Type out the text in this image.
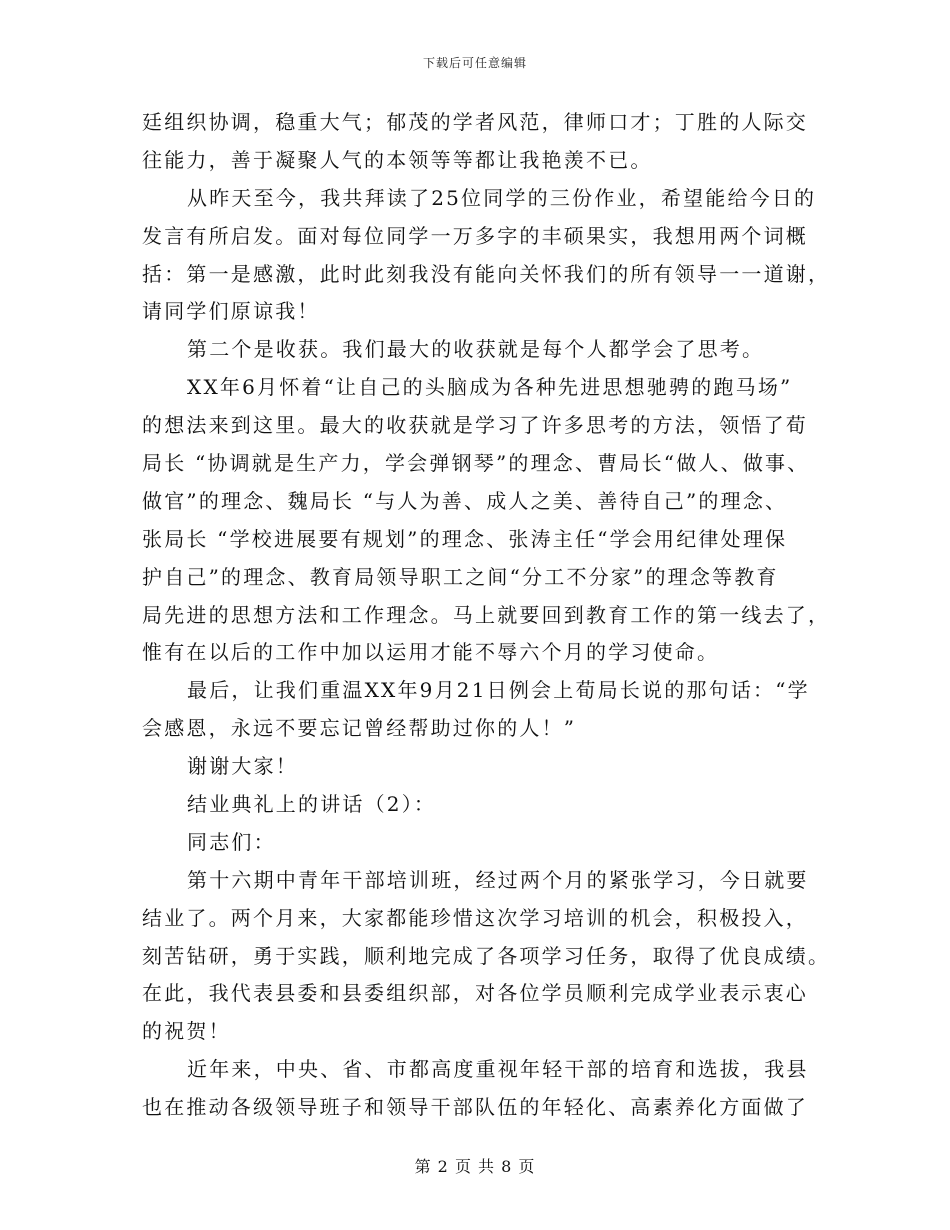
下载后可任意编辑
廷组织协调，稳重大气；郁茂的学者风范，律师口才；丁胜的人际交
往能力，善于凝聚人气的本领等等都让我艳羡不已。
从昨天至今，我共拜读了25位同学的三份作业，希望能给今日的
发言有所启发。面对每位同学一万多字的丰硕果实，我想用两个词概
括：第一是感激，此时此刻我没有能向关怀我们的所有领导一一道谢，
请同学们原谅我！
第二个是收获。我们最大的收获就是每个人都学会了思考。
XX年6月怀着“让自己的头脑成为各种先进思想驰骋的跑马场”
的想法来到这里。最大的收获就是学习了许多思考的方法，领悟了荀
局长 “协调就是生产力，学会弹钢琴”的理念、曹局长“做人、做事、
做官”的理念、魏局长 “与人为善、成人之美、善待自己”的理念、
张局长 “学校进展要有规划”的理念、张涛主任“学会用纪律处理保
护自己”的理念、教育局领导职工之间“分工不分家”的理念等教育
局先进的思想方法和工作理念。马上就要回到教育工作的第一线去了，
惟有在以后的工作中加以运用才能不辱六个月的学习使命。
最后，让我们重温XX年9月21日例会上荀局长说的那句话：“学
会感恩，永远不要忘记曾经帮助过你的人！”
谢谢大家！
结业典礼上的讲话（2）：
同志们：
第十六期中青年干部培训班，经过两个月的紧张学习，今日就要
结业了。两个月来，大家都能珍惜这次学习培训的机会，积极投入，
刻苦钻研，勇于实践，顺利地完成了各项学习任务，取得了优良成绩。
在此，我代表县委和县委组织部，对各位学员顺利完成学业表示衷心
的祝贺！
近年来，中央、省、市都高度重视年轻干部的培育和选拔，我县
也在推动各级领导班子和领导干部队伍的年轻化、高素养化方面做了
第 2 页 共 8 页
